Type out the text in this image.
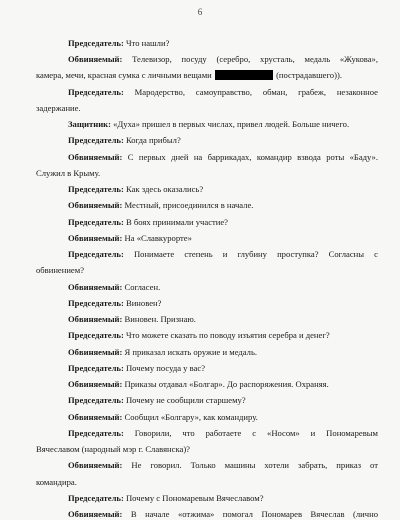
6
Председатель: Что нашли?
Обвиняемый: Телевизор, посуду (серебро, хрусталь, медаль «Жукова»,
камера, мечи, красная сумка с личными вещами	(пострадавшего)).
Председатель: Мародерство, самоуправство, обман, грабеж, незаконное
задержание.
Защитник: «Духа» пришел в первых числах, привел людей. Больше ничего.
Председатель: Когда прибыл?
Обвиняемый: С первых дней на баррикадах, командир взвода роты «Баду».
Служил в Крыму.
Председатель: Как здесь оказались?
Обвиняемый: Местный, присоединился в начале.
Председатель: В боях принимали участие?
Обвиняемый: На «Славкурорте»
Председатель: Понимаете степень и глубину проступка? Согласны с
обвинением?
Обвиняемый: Согласен.
Председатель: Виновен?
Обвиняемый: Виновен. Признаю.
Председатель: Что можете сказать по поводу изъятия серебра и денег?
Обвиняемый: Я приказал искать оружие и медаль.
Председатель: Почему посуда у вас?
Обвиняемый: Приказы отдавал «Болгар». До распоряжения. Охраняя.
Председатель: Почему не сообщили старшему?
Обвиняемый: Сообщил «Болгару», как командиру.
Председатель: Говорили, что работаете с «Носом» и Пономаревым
Вячеславом (народный мэр г. Славянска)?
Обвиняемый: Не говорил. Только машины хотели забрать, приказ от
командира.
Председатель: Почему с Пономаревым Вячеславом?
Обвиняемый: В начале «отжима» помогал Пономарев Вячеслав (лично
